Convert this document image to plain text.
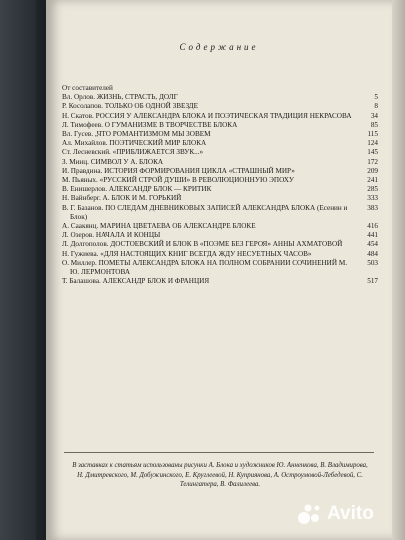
Содержание
От составителей
Вл. Орлов. ЖИЗНЬ, СТРАСТЬ, ДОЛГ	5
Р. Косолапов. ТОЛЬКО ОБ ОДНОЙ ЗВЕЗДЕ	8
Н. Скатов. РОССИЯ У АЛЕКСАНДРА БЛОКА И ПОЭТИЧЕСКАЯ ТРАДИЦИЯ НЕКРАСОВА	34
Л. Тимофеев. О ГУМАНИЗМЕ В ТВОРЧЕСТВЕ БЛОКА	85
Вл. Гусев. „ЧТО РОМАНТИЗМОМ МЫ ЗОВЕМ	115
Ал. Михайлов. ПОЭТИЧЕСКИЙ МИР БЛОКА	124
Ст. Лесневский. «ПРИБЛИЖАЕТСЯ ЗВУК...»	145
З. Минц. СИМВОЛ У А. БЛОКА	172
И. Правдина. ИСТОРИЯ ФОРМИРОВАНИЯ ЦИКЛА «СТРАШНЫЙ МИР»	209
М. Пьяных. «РУССКИЙ СТРОЙ ДУШИ» В РЕВОЛЮЦИОННУЮ ЭПОХУ	241
В. Енишерлов. АЛЕКСАНДР БЛОК — КРИТИК	285
Н. Вайнберг. А. БЛОК И М. ГОРЬКИЙ	333
В. Г. Базанов. ПО СЛЕДАМ ДНЕВНИКОВЫХ ЗАПИСЕЙ АЛЕКСАНДРА БЛОКА (Есенин и Блок)
383
А. Саакянц. МАРИНА ЦВЕТАЕВА ОБ АЛЕКСАНДРЕ БЛОКЕ	416
Л. Озеров. НАЧАЛА И КОНЦЫ	441
Л. Долгополов. ДОСТОЕВСКИЙ И БЛОК В «ПОЭМЕ БЕЗ ГЕРОЯ» АННЫ АХМАТОВОЙ	454
Н. Гужиева. «ДЛЯ НАСТОЯЩИХ КНИГ ВСЕГДА ЖДУ НЕСУЕТНЫХ ЧАСОВ»	484
О. Миллер. ПОМЕТЫ АЛЕКСАНДРА БЛОКА НА ПОЛНОМ СОБРАНИИ СОЧИНЕНИЙ М. Ю. ЛЕРМОНТОВА
503
Т. Балашова. АЛЕКСАНДР БЛОК И ФРАНЦИЯ	517
В заставках к статьям использованы рисунки А. Блока и художников Ю. Анненкова, В. Владимирова, Н. Дмитревского, М. Добужинского, Е. Круглеевой, Н. Куприянова, А. Остроумовой-Лебедевой, С. Телингатера, В. Фалилеева.
Avito
